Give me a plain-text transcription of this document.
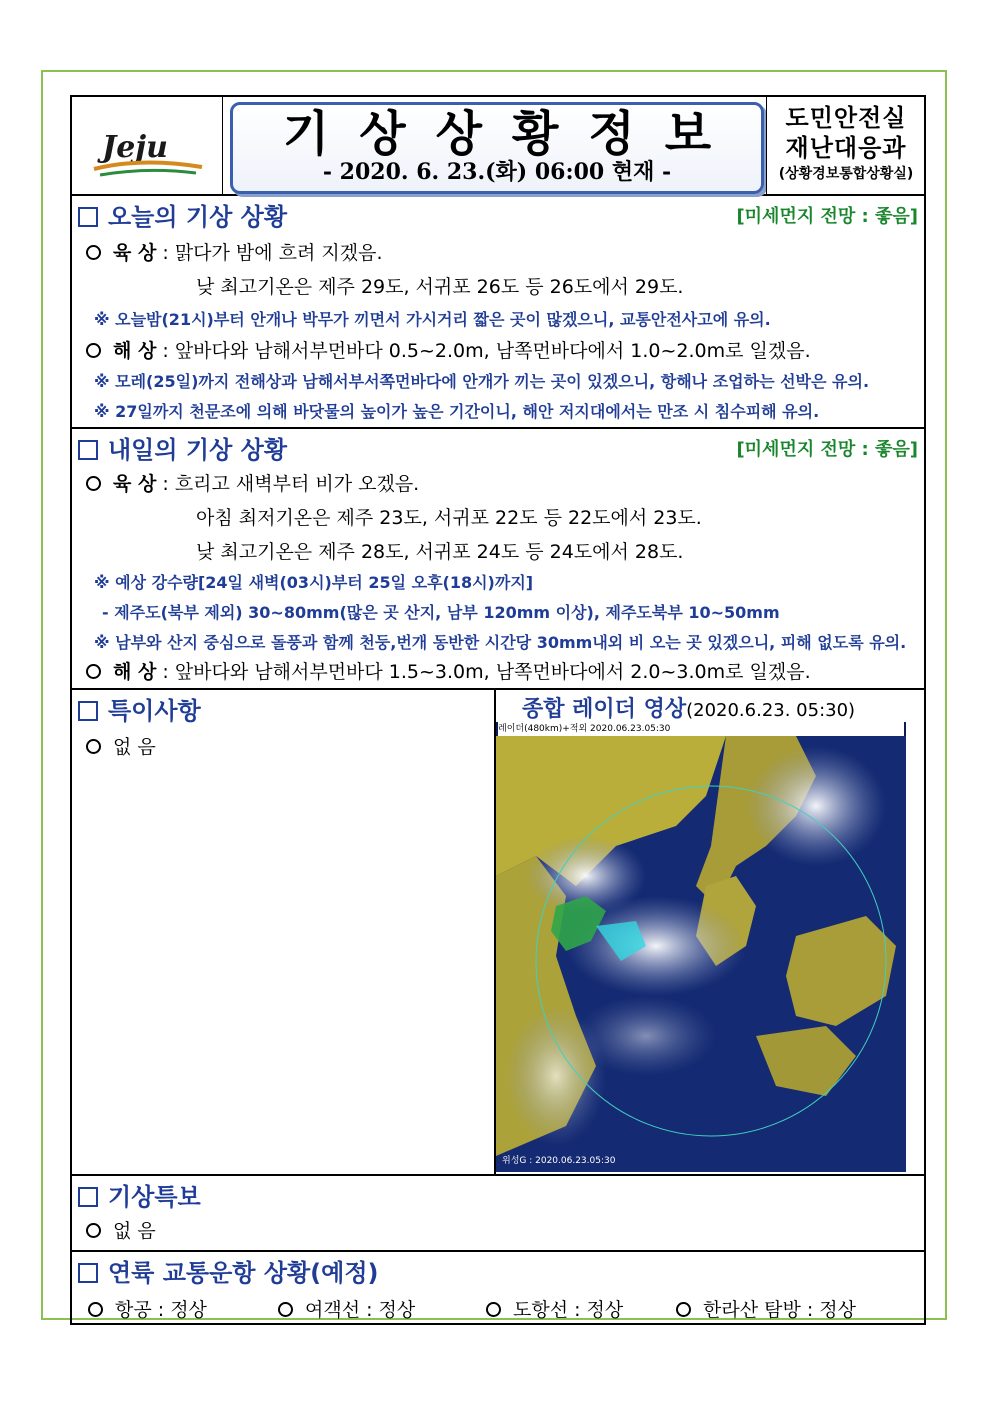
Jeju	기상상황정보
- 2020. 6. 23.(화) 06:00 현재 -
도민안전실
재난대응과
(상황경보통합상황실)
오늘의 기상 상황	[미세먼지 전망 : 좋음]
육 상 : 맑다가 밤에 흐려 지겠음.
낮 최고기온은 제주 29도, 서귀포 26도 등 26도에서 29도.
※ 오늘밤(21시)부터 안개나 박무가 끼면서 가시거리 짧은 곳이 많겠으니, 교통안전사고에 유의.
해 상 : 앞바다와 남해서부먼바다 0.5~2.0m, 남쪽먼바다에서 1.0~2.0m로 일겠음.
※ 모레(25일)까지 전해상과 남해서부서쪽먼바다에 안개가 끼는 곳이 있겠으니, 항해나 조업하는 선박은 유의.
※ 27일까지 천문조에 의해 바닷물의 높이가 높은 기간이니, 해안 저지대에서는 만조 시 침수피해 유의.
내일의 기상 상황	[미세먼지 전망 : 좋음]
육 상 : 흐리고 새벽부터 비가 오겠음.
아침 최저기온은 제주 23도, 서귀포 22도 등 22도에서 23도.
낮 최고기온은 제주 28도, 서귀포 24도 등 24도에서 28도.
※ 예상 강수량[24일 새벽(03시)부터 25일 오후(18시)까지]
- 제주도(북부 제외) 30~80mm(많은 곳 산지, 남부 120mm 이상), 제주도북부 10~50mm
※ 남부와 산지 중심으로 돌풍과 함께 천둥,번개 동반한 시간당 30mm내외 비 오는 곳 있겠으니, 피해 없도록 유의.
해 상 : 앞바다와 남해서부먼바다 1.5~3.0m, 남쪽먼바다에서 2.0~3.0m로 일겠음.
특이사항
없 음
종합 레이더 영상(2020.6.23. 05:30)
레이더(480km)+적외 2020.06.23.05:30
위성G : 2020.06.23.05:30
기상특보
없 음
연륙 교통운항 상황(예정)
항공 : 정상	여객선 : 정상	도항선 : 정상	한라산 탐방 : 정상
